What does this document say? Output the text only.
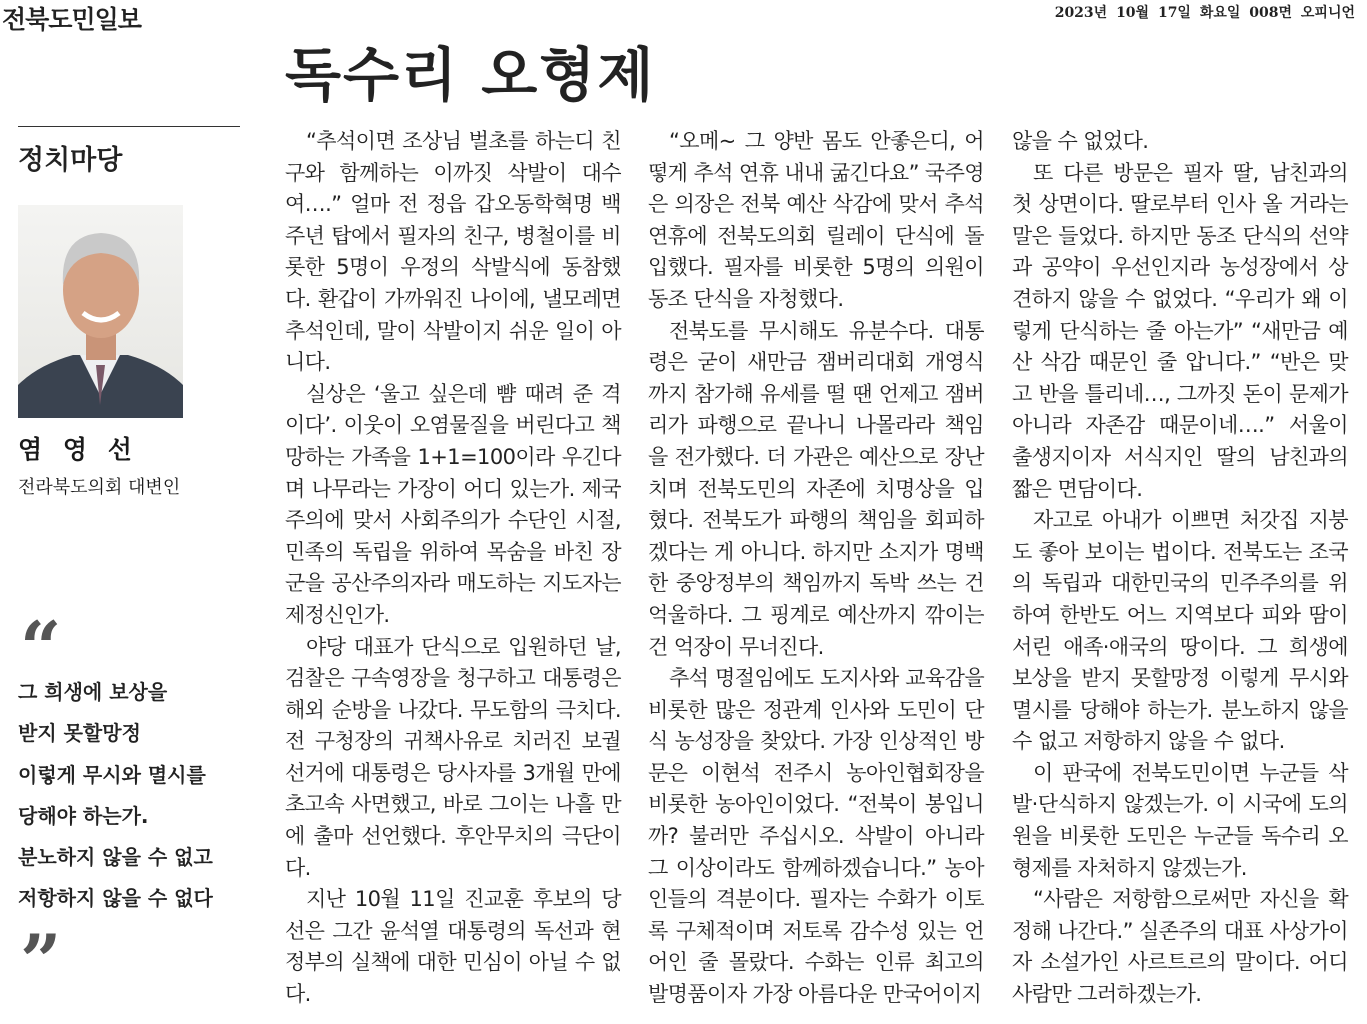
전북도민일보	2023년 10월 17일 화요일 008면 오피니언
독수리 오형제
정치마당
염 영 선
전라북도의회 대변인
“
그 희생에 보상을
받지 못할망정
이렇게 무시와 멸시를
당해야 하는가.
분노하지 않을 수 없고
저항하지 않을 수 없다
”

“추석이면 조상님 벌초를 하는디 친구와 함께하는 이까짓 삭발이 대수여….” 얼마 전 정읍 갑오동학혁명 백주년 탑에서 필자의 친구, 병철이를 비롯한 5명이 우정의 삭발식에 동참했다. 환갑이 가까워진 나이에, 낼모레면 추석인데, 말이 삭발이지 쉬운 일이 아니다.

실상은 ‘울고 싶은데 뺨 때려 준 격이다’. 이웃이 오염물질을 버린다고 책망하는 가족을 1+1=100이라 우긴다며 나무라는 가장이 어디 있는가. 제국주의에 맞서 사회주의가 수단인 시절, 민족의 독립을 위하여 목숨을 바친 장군을 공산주의자라 매도하는 지도자는 제정신인가.

야당 대표가 단식으로 입원하던 날, 검찰은 구속영장을 청구하고 대통령은 해외 순방을 나갔다. 무도함의 극치다. 전 구청장의 귀책사유로 치러진 보궐선거에 대통령은 당사자를 3개월 만에 초고속 사면했고, 바로 그이는 나흘 만에 출마 선언했다. 후안무치의 극단이다.

지난 10월 11일 진교훈 후보의 당선은 그간 윤석열 대통령의 독선과 현 정부의 실책에 대한 민심이 아닐 수 없다.

“오메~ 그 양반 몸도 안좋은디, 어떻게 추석 연휴 내내 굶긴다요” 국주영은 의장은 전북 예산 삭감에 맞서 추석연휴에 전북도의회 릴레이 단식에 돌입했다. 필자를 비롯한 5명의 의원이 동조 단식을 자청했다.

전북도를 무시해도 유분수다. 대통령은 굳이 새만금 잼버리대회 개영식까지 참가해 유세를 떨 땐 언제고 잼버리가 파행으로 끝나니 나몰라라 책임을 전가했다. 더 가관은 예산으로 장난치며 전북도민의 자존에 치명상을 입혔다. 전북도가 파행의 책임을 회피하겠다는 게 아니다. 하지만 소지가 명백한 중앙정부의 책임까지 독박 쓰는 건 억울하다. 그 핑계로 예산까지 깎이는 건 억장이 무너진다.

추석 명절임에도 도지사와 교육감을 비롯한 많은 정관계 인사와 도민이 단식 농성장을 찾았다. 가장 인상적인 방문은 이현석 전주시 농아인협회장을 비롯한 농아인이었다. “전북이 봉입니까? 불러만 주십시오. 삭발이 아니라 그 이상이라도 함께하겠습니다.” 농아인들의 격분이다. 필자는 수화가 이토록 구체적이며 저토록 감수성 있는 언어인 줄 몰랐다. 수화는 인류 최고의 발명품이자 가장 아름다운 만국어이지

않을 수 없었다.

또 다른 방문은 필자 딸, 남친과의 첫 상면이다. 딸로부터 인사 올 거라는 말은 들었다. 하지만 동조 단식의 선약과 공약이 우선인지라 농성장에서 상견하지 않을 수 없었다. “우리가 왜 이렇게 단식하는 줄 아는가” “새만금 예산 삭감 때문인 줄 압니다.” “반은 맞고 반을 틀리네…, 그까짓 돈이 문제가 아니라 자존감 때문이네….” 서울이 출생지이자 서식지인 딸의 남친과의 짧은 면담이다.

자고로 아내가 이쁘면 처갓집 지붕도 좋아 보이는 법이다. 전북도는 조국의 독립과 대한민국의 민주주의를 위하여 한반도 어느 지역보다 피와 땀이 서린 애족·애국의 땅이다. 그 희생에 보상을 받지 못할망정 이렇게 무시와 멸시를 당해야 하는가. 분노하지 않을 수 없고 저항하지 않을 수 없다.

이 판국에 전북도민이면 누군들 삭발·단식하지 않겠는가. 이 시국에 도의원을 비롯한 도민은 누군들 독수리 오형제를 자처하지 않겠는가.

“사람은 저항함으로써만 자신을 확정해 나간다.” 실존주의 대표 사상가이자 소설가인 사르트르의 말이다. 어디 사람만 그러하겠는가.
